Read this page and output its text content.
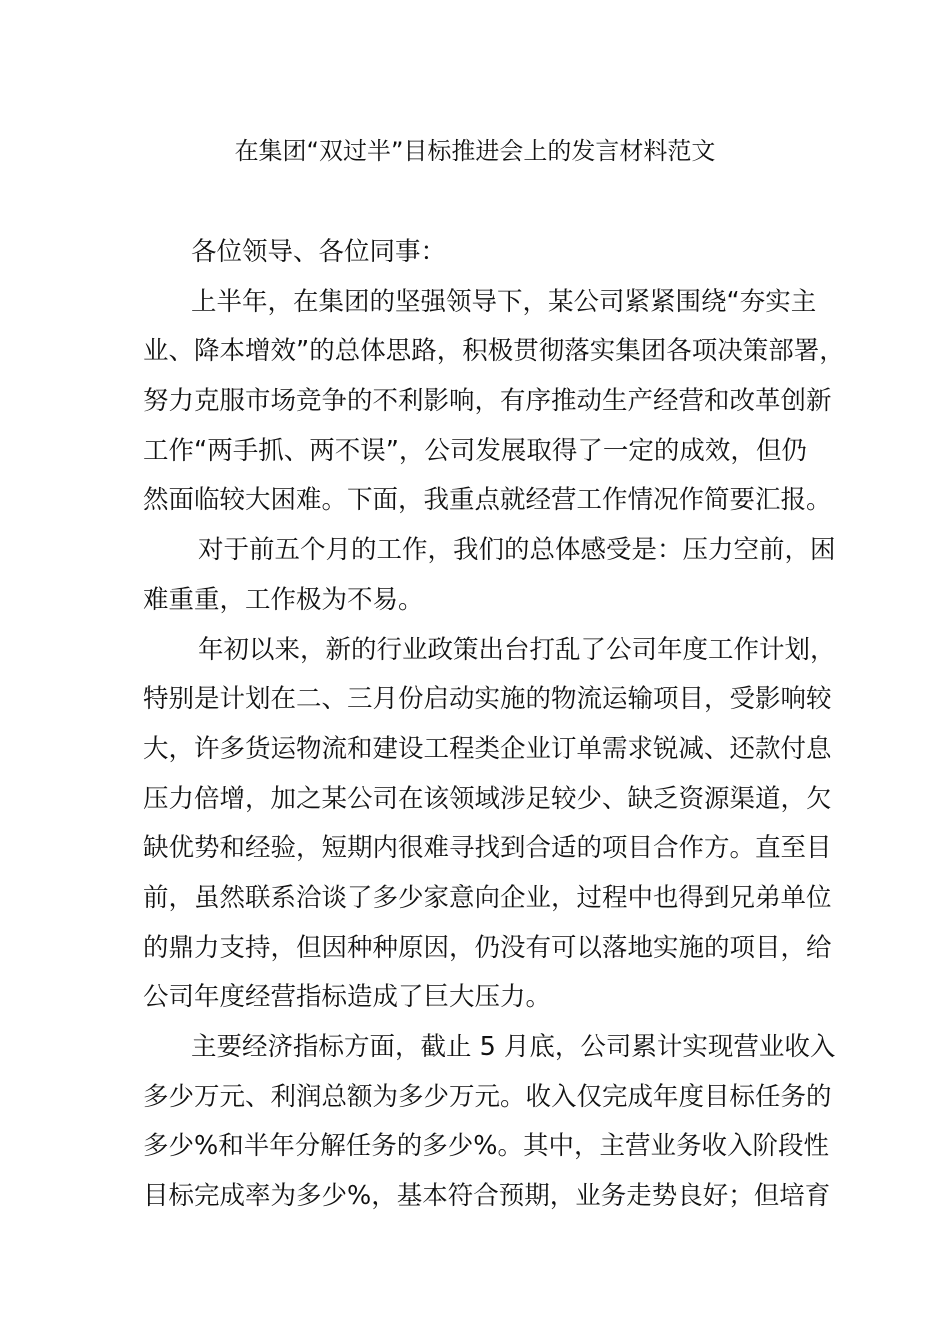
在集团“双过半”目标推进会上的发言材料范文
各位领导、各位同事：
上半年，在集团的坚强领导下，某公司紧紧围绕“夯实主
业、降本增效”的总体思路，积极贯彻落实集团各项决策部署，
努力克服市场竞争的不利影响，有序推动生产经营和改革创新
工作“两手抓、两不误”，公司发展取得了一定的成效，但仍
然面临较大困难。下面，我重点就经营工作情况作简要汇报。
对于前五个月的工作，我们的总体感受是：压力空前，困
难重重，工作极为不易。
年初以来，新的行业政策出台打乱了公司年度工作计划，
特别是计划在二、三月份启动实施的物流运输项目，受影响较
大，许多货运物流和建设工程类企业订单需求锐减、还款付息
压力倍增，加之某公司在该领域涉足较少、缺乏资源渠道，欠
缺优势和经验，短期内很难寻找到合适的项目合作方。直至目
前，虽然联系洽谈了多少家意向企业，过程中也得到兄弟单位
的鼎力支持，但因种种原因，仍没有可以落地实施的项目，给
公司年度经营指标造成了巨大压力。
主要经济指标方面，截止 5 月底，公司累计实现营业收入
多少万元、利润总额为多少万元。收入仅完成年度目标任务的
多少%和半年分解任务的多少%。其中，主营业务收入阶段性
目标完成率为多少%，基本符合预期，业务走势良好；但培育
